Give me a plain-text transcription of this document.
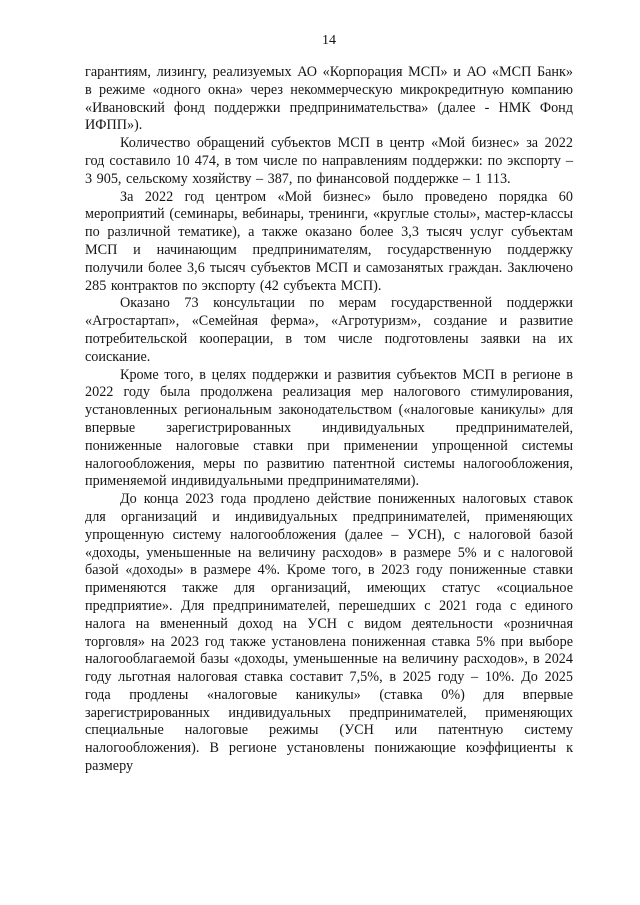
14

гарантиям, лизингу, реализуемых АО «Корпорация МСП» и АО «МСП Банк» в режиме «одного окна» через некоммерческую микрокредитную компанию «Ивановский фонд поддержки предпринимательства» (далее - НМК Фонд ИФПП»).

Количество обращений субъектов МСП в центр «Мой бизнес» за 2022 год составило 10 474, в том числе по направлениям поддержки: по экспорту – 3 905, сельскому хозяйству – 387, по финансовой поддержке – 1 113.

За 2022 год центром «Мой бизнес» было проведено порядка 60 мероприятий (семинары, вебинары, тренинги, «круглые столы», мастер-классы по различной тематике), а также оказано более 3,3 тысяч услуг субъектам МСП и начинающим предпринимателям, государственную поддержку получили более 3,6 тысяч субъектов МСП и самозанятых граждан. Заключено 285 контрактов по экспорту (42 субъекта МСП).

Оказано 73 консультации по мерам государственной поддержки «Агростартап», «Семейная ферма», «Агротуризм», создание и развитие потребительской кооперации, в том числе подготовлены заявки на их соискание.

Кроме того, в целях поддержки и развития субъектов МСП в регионе в 2022 году была продолжена реализация мер налогового стимулирования, установленных региональным законодательством («налоговые каникулы» для впервые зарегистрированных индивидуальных предпринимателей, пониженные налоговые ставки при применении упрощенной системы налогообложения, меры по развитию патентной системы налогообложения, применяемой индивидуальными предпринимателями).

До конца 2023 года продлено действие пониженных налоговых ставок для организаций и индивидуальных предпринимателей, применяющих упрощенную систему налогообложения (далее – УСН), с налоговой базой «доходы, уменьшенные на величину расходов» в размере 5% и с налоговой базой «доходы» в размере 4%. Кроме того, в 2023 году пониженные ставки применяются также для организаций, имеющих статус «социальное предприятие». Для предпринимателей, перешедших с 2021 года с единого налога на вмененный доход на УСН с видом деятельности «розничная торговля» на 2023 год также установлена пониженная ставка 5% при выборе налогооблагаемой базы «доходы, уменьшенные на величину расходов», в 2024 году льготная налоговая ставка составит 7,5%, в 2025 году – 10%. До 2025 года продлены «налоговые каникулы» (ставка 0%) для впервые зарегистрированных индивидуальных предпринимателей, применяющих специальные налоговые режимы (УСН или патентную систему налогообложения). В регионе установлены понижающие коэффициенты к размеру
